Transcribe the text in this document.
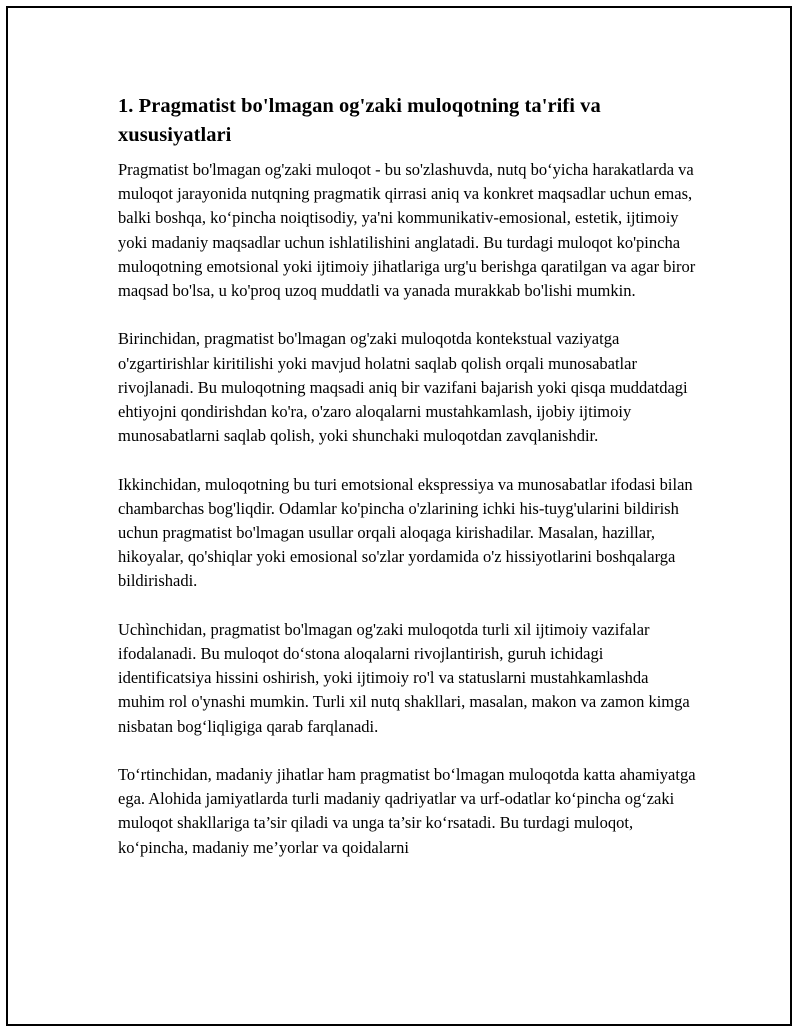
1. Pragmatist bo'lmagan og'zaki muloqotning ta'rifi va xususiyatlari

Pragmatist bo'lmagan og'zaki muloqot - bu so'zlashuvda, nutq bo‘yicha harakatlarda va muloqot jarayonida nutqning pragmatik qirrasi aniq va konkret maqsadlar uchun emas, balki boshqa, ko‘pincha noiqtisodiy, ya'ni kommunikativ-emosional, estetik, ijtimoiy yoki madaniy maqsadlar uchun ishlatilishini anglatadi. Bu turdagi muloqot ko'pincha muloqotning emotsional yoki ijtimoiy jihatlariga urg'u berishga qaratilgan va agar biror maqsad bo'lsa, u ko'proq uzoq muddatli va yanada murakkab bo'lishi mumkin.

Birinchidan, pragmatist bo'lmagan og'zaki muloqotda kontekstual vaziyatga o'zgartirishlar kiritilishi yoki mavjud holatni saqlab qolish orqali munosabatlar rivojlanadi. Bu muloqotning maqsadi aniq bir vazifani bajarish yoki qisqa muddatdagi ehtiyojni qondirishdan ko'ra, o'zaro aloqalarni mustahkamlash, ijobiy ijtimoiy munosabatlarni saqlab qolish, yoki shunchaki muloqotdan zavqlanishdir.

Ikkinchidan, muloqotning bu turi emotsional ekspressiya va munosabatlar ifodasi bilan chambarchas bog'liqdir. Odamlar ko'pincha o'zlarining ichki his-tuyg'ularini bildirish uchun pragmatist bo'lmagan usullar orqali aloqaga kirishadilar. Masalan, hazillar, hikoyalar, qo'shiqlar yoki emosional so'zlar yordamida o'z hissiyotlarini boshqalarga bildirishadi.

Uchìnchidan, pragmatist bo'lmagan og'zaki muloqotda turli xil ijtimoiy vazifalar ifodalanadi. Bu muloqot do‘stona aloqalarni rivojlantirish, guruh ichidagi identificatsiya hissini oshirish, yoki ijtimoiy ro'l va statuslarni mustahkamlashda muhim rol o'ynashi mumkin. Turli xil nutq shakllari, masalan, makon va zamon kimga nisbatan bog‘liqligiga qarab farqlanadi.

To‘rtinchidan, madaniy jihatlar ham pragmatist bo‘lmagan muloqotda katta ahamiyatga ega. Alohida jamiyatlarda turli madaniy qadriyatlar va urf-odatlar ko‘pincha og‘zaki muloqot shakllariga ta’sir qiladi va unga ta’sir ko‘rsatadi. Bu turdagi muloqot, ko‘pincha, madaniy me’yorlar va qoidalarni
